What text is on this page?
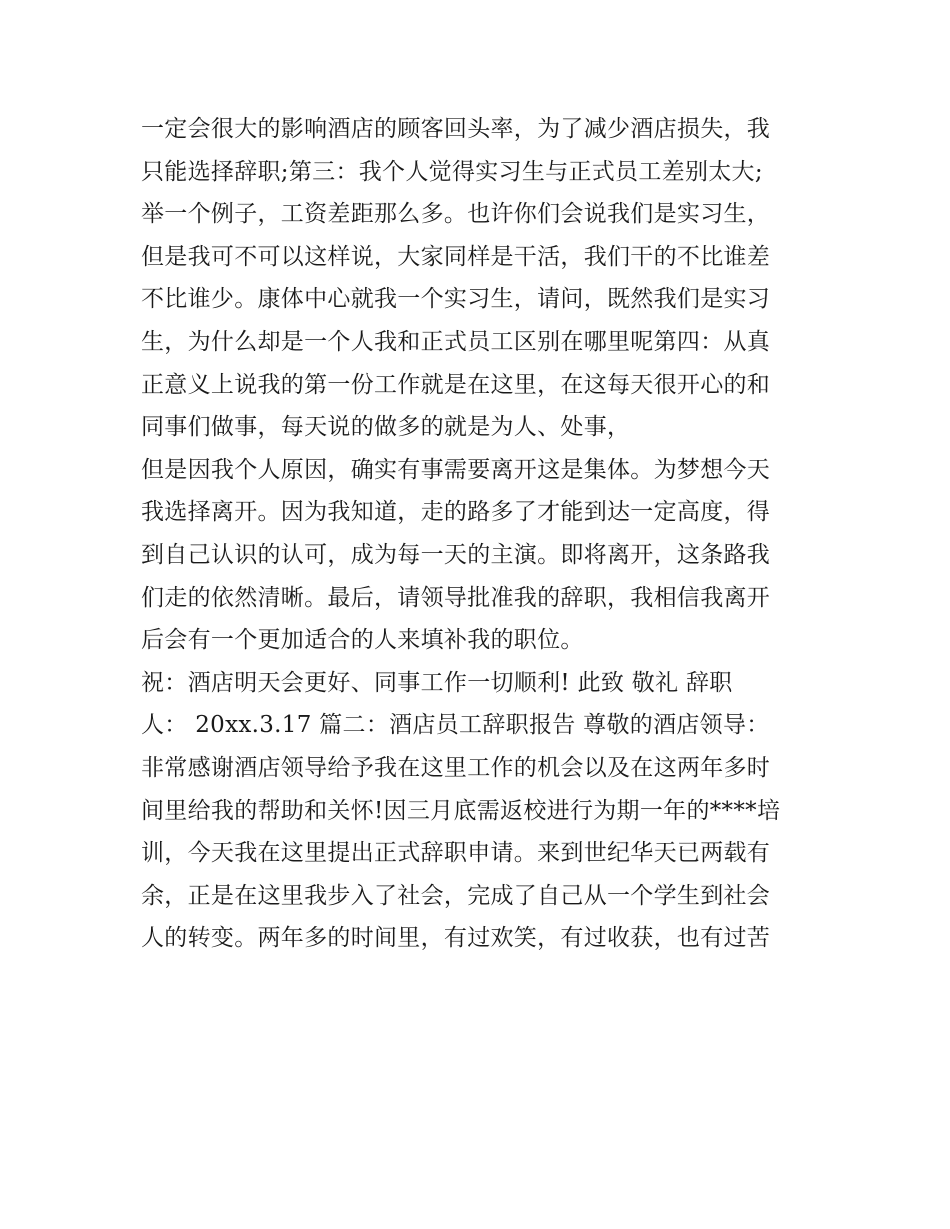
一定会很大的影响酒店的顾客回头率，为了减少酒店损失，我
只能选择辞职;第三：我个人觉得实习生与正式员工差别太大;
举一个例子，工资差距那么多。也许你们会说我们是实习生，
但是我可不可以这样说，大家同样是干活，我们干的不比谁差
不比谁少。康体中心就我一个实习生，请问，既然我们是实习
生，为什么却是一个人我和正式员工区别在哪里呢第四：从真
正意义上说我的第一份工作就是在这里，在这每天很开心的和
同事们做事，每天说的做多的就是为人、处事，
但是因我个人原因，确实有事需要离开这是集体。为梦想今天
我选择离开。因为我知道，走的路多了才能到达一定高度，得
到自己认识的认可，成为每一天的主演。即将离开，这条路我
们走的依然清晰。最后，请领导批准我的辞职，我相信我离开
后会有一个更加适合的人来填补我的职位。
祝：酒店明天会更好、同事工作一切顺利! 此致 敬礼 辞职
人： 20xx.3.17 篇二：酒店员工辞职报告 尊敬的酒店领导：
非常感谢酒店领导给予我在这里工作的机会以及在这两年多时
间里给我的帮助和关怀!因三月底需返校进行为期一年的****培
训，今天我在这里提出正式辞职申请。来到世纪华天已两载有
余，正是在这里我步入了社会，完成了自己从一个学生到社会
人的转变。两年多的时间里，有过欢笑，有过收获，也有过苦
